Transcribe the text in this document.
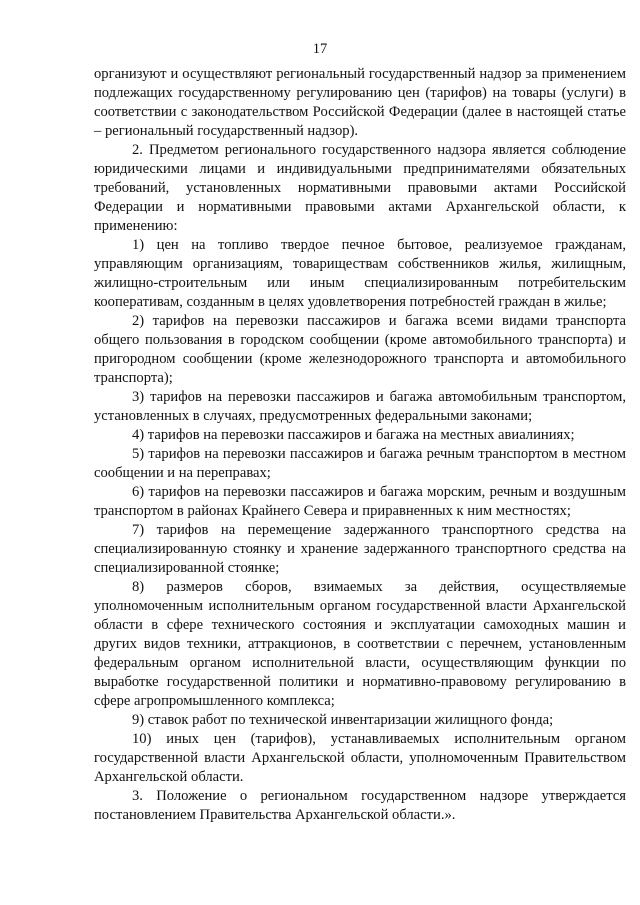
17

организуют и осуществляют региональный государственный надзор за применением подлежащих государственному регулированию цен (тарифов) на товары (услуги) в соответствии с законодательством Российской Федерации (далее в настоящей статье – региональный государственный надзор).

2. Предметом регионального государственного надзора является соблюдение юридическими лицами и индивидуальными предпринимателями обязательных требований, установленных нормативными правовыми актами Российской Федерации и нормативными правовыми актами Архангельской области, к применению:

1) цен на топливо твердое печное бытовое, реализуемое гражданам, управляющим организациям, товариществам собственников жилья, жилищным, жилищно-строительным или иным специализированным потребительским кооперативам, созданным в целях удовлетворения потребностей граждан в жилье;

2) тарифов на перевозки пассажиров и багажа всеми видами транспорта общего пользования в городском сообщении (кроме автомобильного транспорта) и пригородном сообщении (кроме железнодорожного транспорта и автомобильного транспорта);

3) тарифов на перевозки пассажиров и багажа автомобильным транспортом, установленных в случаях, предусмотренных федеральными законами;

4) тарифов на перевозки пассажиров и багажа на местных авиалиниях;

5) тарифов на перевозки пассажиров и багажа речным транспортом в местном сообщении и на переправах;

6) тарифов на перевозки пассажиров и багажа морским, речным и воздушным транспортом в районах Крайнего Севера и приравненных к ним местностях;

7) тарифов на перемещение задержанного транспортного средства на специализированную стоянку и хранение задержанного транспортного средства на специализированной стоянке;

8) размеров сборов, взимаемых за действия, осуществляемые уполномоченным исполнительным органом государственной власти Архангельской области в сфере технического состояния и эксплуатации самоходных машин и других видов техники, аттракционов, в соответствии с перечнем, установленным федеральным органом исполнительной власти, осуществляющим функции по выработке государственной политики и нормативно-правовому регулированию в сфере агропромышленного комплекса;

9) ставок работ по технической инвентаризации жилищного фонда;

10) иных цен (тарифов), устанавливаемых исполнительным органом государственной власти Архангельской области, уполномоченным Правительством Архангельской области.

3. Положение о региональном государственном надзоре утверждается постановлением Правительства Архангельской области.».
